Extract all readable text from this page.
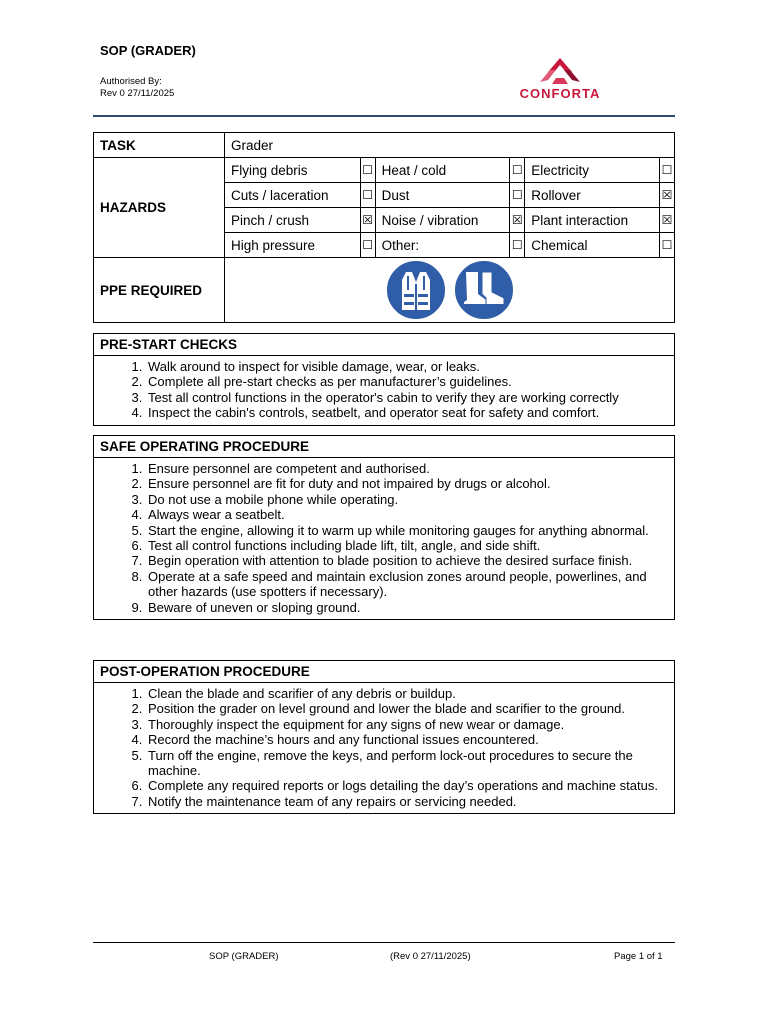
SOP (GRADER)
Authorised By:
Rev 0 27/11/2025	CONFORTA
TASK	Grader					
HAZARDS	Flying debris	☐	Heat / cold	☐	Electricity	☐
	Cuts / laceration	☐	Dust	☐	Rollover	☒
	Pinch / crush	☒	Noise / vibration	☒	Plant interaction	☒
	High pressure	☐	Other:	☐	Chemical	☐
PPE REQUIRED	
PRE-START CHECKS
1. Walk around to inspect for visible damage, wear, or leaks.
2. Complete all pre-start checks as per manufacturer’s guidelines.
3. Test all control functions in the operator's cabin to verify they are working correctly
4. Inspect the cabin's controls, seatbelt, and operator seat for safety and comfort.
SAFE OPERATING PROCEDURE
1. Ensure personnel are competent and authorised.
2. Ensure personnel are fit for duty and not impaired by drugs or alcohol.
3. Do not use a mobile phone while operating.
4. Always wear a seatbelt.
5. Start the engine, allowing it to warm up while monitoring gauges for anything abnormal.
6. Test all control functions including blade lift, tilt, angle, and side shift.
7. Begin operation with attention to blade position to achieve the desired surface finish.
8. Operate at a safe speed and maintain exclusion zones around people, powerlines, and other hazards (use spotters if necessary).
9. Beware of uneven or sloping ground.
POST-OPERATION PROCEDURE
1. Clean the blade and scarifier of any debris or buildup.
2. Position the grader on level ground and lower the blade and scarifier to the ground.
3. Thoroughly inspect the equipment for any signs of new wear or damage.
4. Record the machine’s hours and any functional issues encountered.
5. Turn off the engine, remove the keys, and perform lock-out procedures to secure the machine.
6. Complete any required reports or logs detailing the day’s operations and machine status.
7. Notify the maintenance team of any repairs or servicing needed.
SOP (GRADER)	(Rev 0 27/11/2025)	Page 1 of 1
